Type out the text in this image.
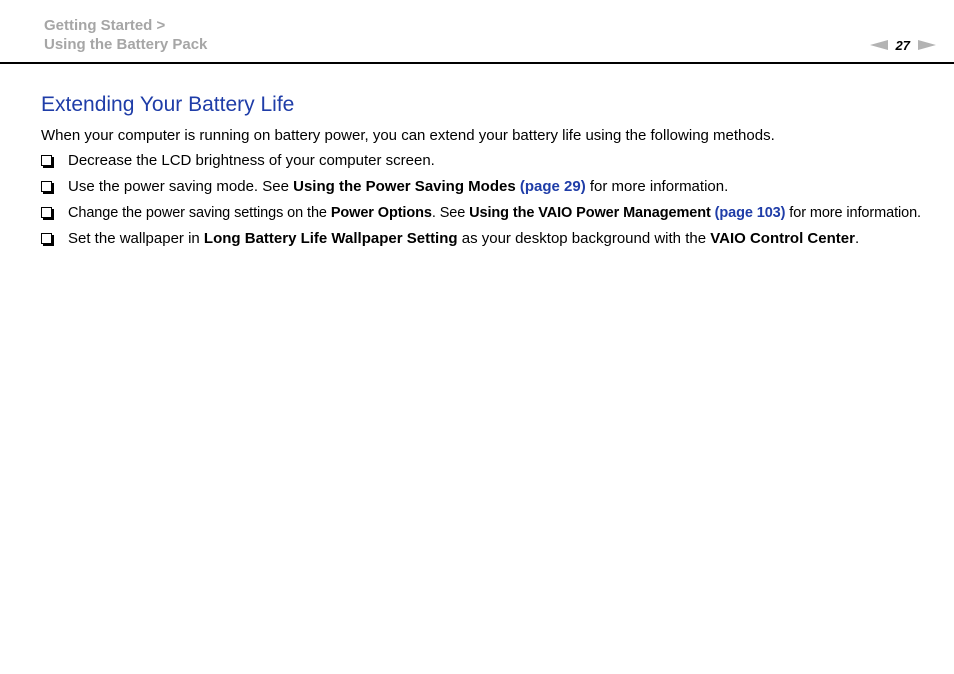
Getting Started >
Using the Battery Pack	27
Extending Your Battery Life

When your computer is running on battery power, you can extend your battery life using the following methods.

Decrease the LCD brightness of your computer screen.
Use the power saving mode. See Using the Power Saving Modes (page 29) for more information.
Change the power saving settings on the Power Options. See Using the VAIO Power Management (page 103) for more information.
Set the wallpaper in Long Battery Life Wallpaper Setting as your desktop background with the VAIO Control Center.
